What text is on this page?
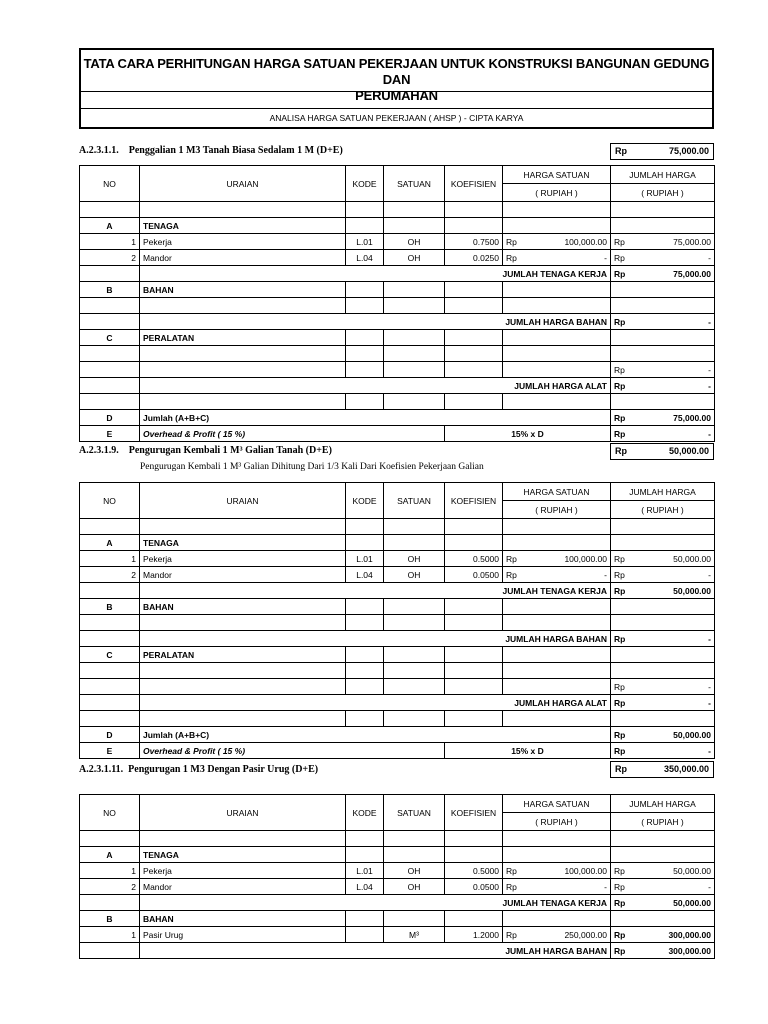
TATA CARA PERHITUNGAN HARGA SATUAN PEKERJAAN UNTUK KONSTRUKSI BANGUNAN GEDUNG DAN
PERUMAHAN
ANALISA HARGA SATUAN PEKERJAAN ( AHSP ) - CIPTA KARYA
A.2.3.1.1. Penggalian 1 M3 Tanah Biasa Sedalam 1 M (D+E)	Rp	75,000.00
NO	URAIAN	KODE	SATUAN	KOEFISIEN	HARGA SATUAN	JUMLAH HARGA
					( RUPIAH )	( RUPIAH )

A	TENAGA					
1	Pekerja	L.01	OH	0.7500	Rp 100,000.00	Rp 75,000.00

2	Mandor	L.04	OH	0.0250	Rp -	Rp -

	JUMLAH TENAGA KERJA					Rp 75,000.00

B	BAHAN					

	JUMLAH HARGA BAHAN					Rp -

C	PERALATAN					

						Rp -

	JUMLAH HARGA ALAT					Rp -

D	Jumlah (A+B+C)					Rp 75,000.00

E	Overhead & Profit ( 15 %)			15% x D		Rp -
A.2.3.1.9. Pengurugan Kembali 1 M³ Galian Tanah (D+E)
Pengurugan Kembali 1 M³ Galian Dihitung Dari 1/3 Kali Dari Koefisien Pekerjaan Galian
Rp	50,000.00
NO	URAIAN	KODE	SATUAN	KOEFISIEN	HARGA SATUAN	JUMLAH HARGA
					( RUPIAH )	( RUPIAH )

A	TENAGA					
1	Pekerja	L.01	OH	0.5000	Rp 100,000.00	Rp 50,000.00

2	Mandor	L.04	OH	0.0500	Rp -	Rp -

	JUMLAH TENAGA KERJA					Rp 50,000.00

B	BAHAN					

	JUMLAH HARGA BAHAN					Rp -

C	PERALATAN					

						Rp -

	JUMLAH HARGA ALAT					Rp -

D	Jumlah (A+B+C)					Rp 50,000.00

E	Overhead & Profit ( 15 %)			15% x D		Rp -
A.2.3.1.11. Pengurugan 1 M3 Dengan Pasir Urug (D+E)	Rp	350,000.00
NO	URAIAN	KODE	SATUAN	KOEFISIEN	HARGA SATUAN	JUMLAH HARGA
					( RUPIAH )	( RUPIAH )

A	TENAGA					
1	Pekerja	L.01	OH	0.5000	Rp 100,000.00	Rp 50,000.00

2	Mandor	L.04	OH	0.0500	Rp -	Rp -

	JUMLAH TENAGA KERJA					Rp 50,000.00

B	BAHAN					
1	Pasir Urug		M³	1.2000	Rp 250,000.00	Rp 300,000.00

	JUMLAH HARGA BAHAN					Rp 300,000.00
